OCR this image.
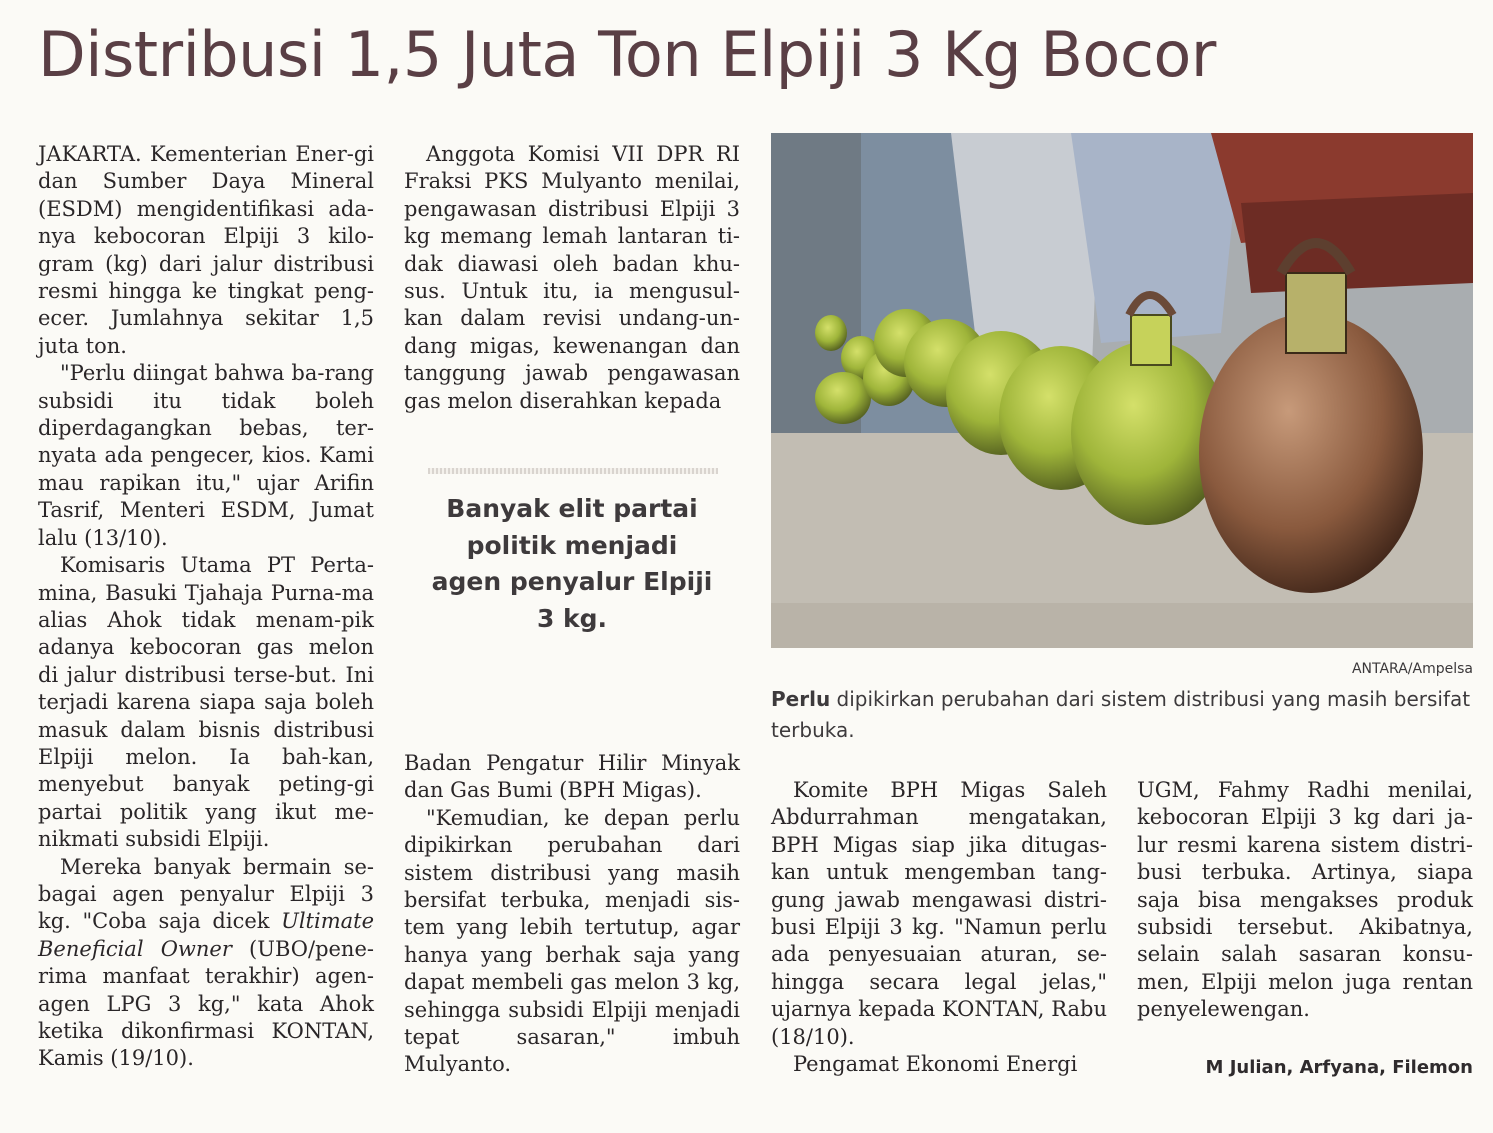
Distribusi 1,5 Juta Ton Elpiji 3 Kg Bocor

JAKARTA. Kementerian Ener-gi dan Sumber Daya Mineral (ESDM) mengidentifikasi ada-nya kebocoran Elpiji 3 kilo-gram (kg) dari jalur distribusi resmi hingga ke tingkat peng-ecer. Jumlahnya sekitar 1,5 juta ton.

"Perlu diingat bahwa ba-rang subsidi itu tidak boleh diperdagangkan bebas, ter-nyata ada pengecer, kios. Kami mau rapikan itu," ujar Arifin Tasrif, Menteri ESDM, Jumat lalu (13/10).

Komisaris Utama PT Perta-mina, Basuki Tjahaja Purna-ma alias Ahok tidak menam-pik adanya kebocoran gas melon di jalur distribusi terse-but. Ini terjadi karena siapa saja boleh masuk dalam bisnis distribusi Elpiji melon. Ia bah-kan, menyebut banyak peting-gi partai politik yang ikut me-nikmati subsidi Elpiji.

Mereka banyak bermain se-bagai agen penyalur Elpiji 3 kg. "Coba saja dicek Ultimate Beneficial Owner (UBO/pene-rima manfaat terakhir) agen-agen LPG 3 kg," kata Ahok ketika dikonfirmasi KONTAN, Kamis (19/10).

Anggota Komisi VII DPR RI Fraksi PKS Mulyanto menilai, pengawasan distribusi Elpiji 3 kg memang lemah lantaran ti-dak diawasi oleh badan khu-sus. Untuk itu, ia mengusul-kan dalam revisi undang-un-dang migas, kewenangan dan tanggung jawab pengawasan gas melon diserahkan kepada

Banyak elit partai politik menjadi agen penyalur Elpiji 3 kg.

Badan Pengatur Hilir Minyak dan Gas Bumi (BPH Migas).

"Kemudian, ke depan perlu dipikirkan perubahan dari sistem distribusi yang masih bersifat terbuka, menjadi sis-tem yang lebih tertutup, agar hanya yang berhak saja yang dapat membeli gas melon 3 kg, sehingga subsidi Elpiji menjadi tepat sasaran," imbuh Mulyanto.

ANTARA/Ampelsa
Perlu dipikirkan perubahan dari sistem distribusi yang masih bersifat terbuka.

Komite BPH Migas Saleh Abdurrahman mengatakan, BPH Migas siap jika ditugas-kan untuk mengemban tang-gung jawab mengawasi distri-busi Elpiji 3 kg. "Namun perlu ada penyesuaian aturan, se-hingga secara legal jelas," ujarnya kepada KONTAN, Rabu (18/10).

Pengamat Ekonomi Energi

UGM, Fahmy Radhi menilai, kebocoran Elpiji 3 kg dari ja-lur resmi karena sistem distri-busi terbuka. Artinya, siapa saja bisa mengakses produk subsidi tersebut. Akibatnya, selain salah sasaran konsu-men, Elpiji melon juga rentan penyelewengan.

M Julian, Arfyana, Filemon
